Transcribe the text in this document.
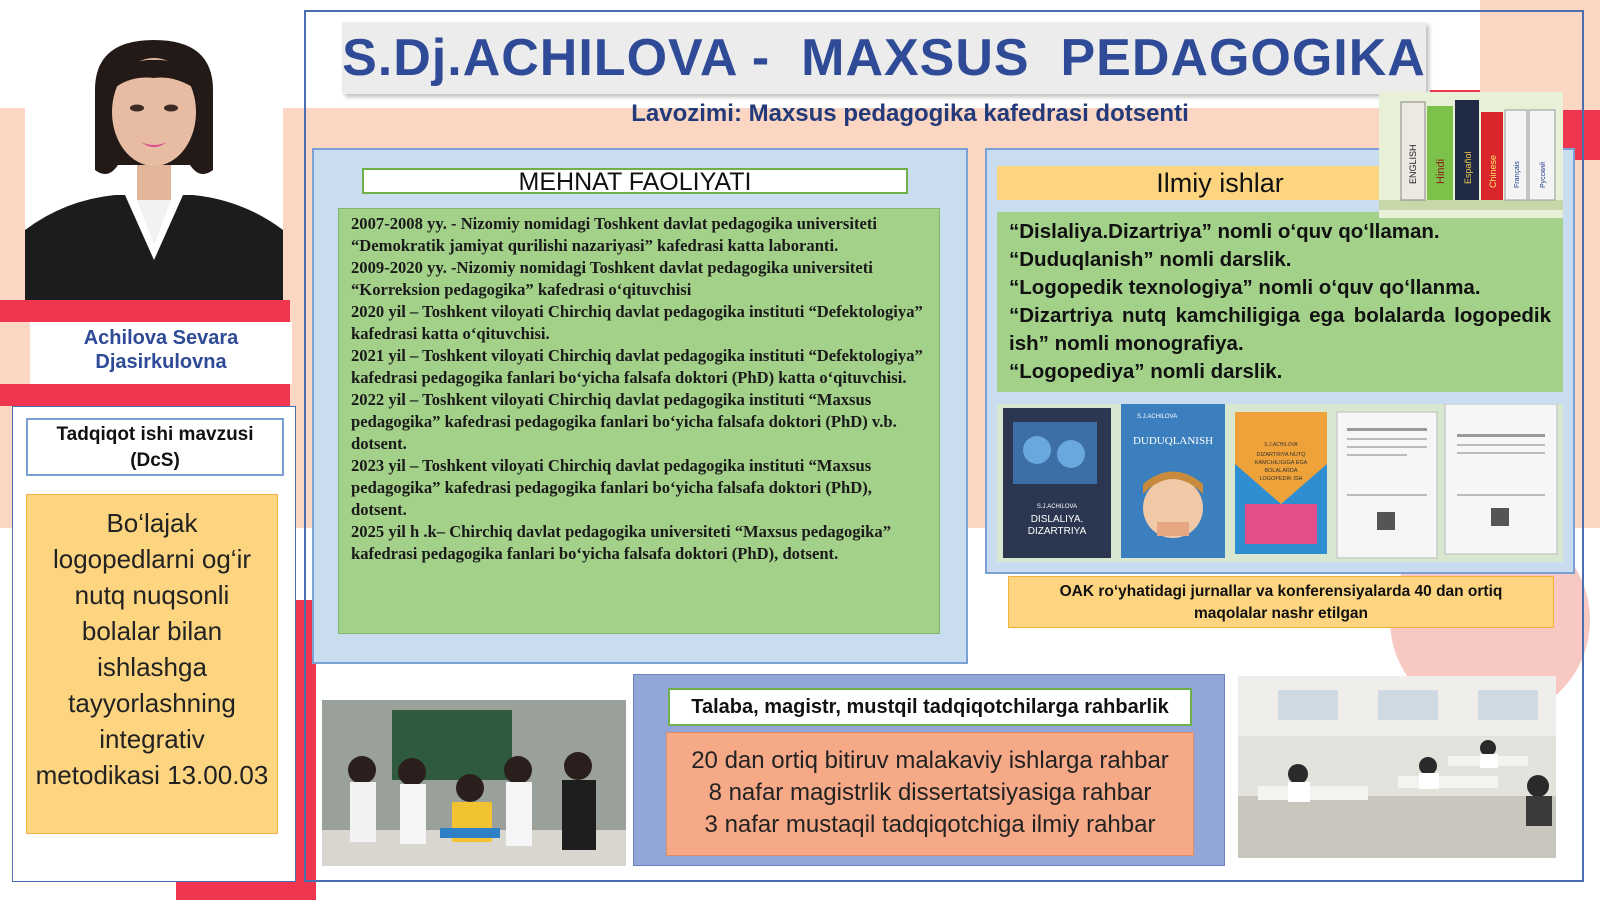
S.Dj.ACHILOVA -  MAXSUS  PEDAGOGIKA
Lavozimi: Maxsus pedagogika kafedrasi dotsenti
Achilova Sevara
Djasirkulovna
Tadqiqot ishi mavzusi
(DcS)
Bo‘lajak logopedlarni og‘ir nutq nuqsonli bolalar bilan ishlashga tayyorlashning integrativ metodikasi 13.00.03
MEHNAT FAOLIYATI

2007-2008 yy. - Nizomiy nomidagi Toshkent davlat pedagogika universiteti “Demokratik jamiyat qurilishi nazariyasi” kafedrasi katta laboranti.

2009-2020 yy. -Nizomiy nomidagi Toshkent davlat pedagogika universiteti “Korreksion pedagogika” kafedrasi o‘qituvchisi

2020 yil – Toshkent viloyati Chirchiq davlat pedagogika instituti “Defektologiya” kafedrasi katta o‘qituvchisi.

2021 yil – Toshkent viloyati Chirchiq davlat pedagogika instituti “Defektologiya” kafedrasi pedagogika fanlari bo‘yicha falsafa doktori (PhD) katta o‘qituvchisi.

2022 yil – Toshkent viloyati Chirchiq davlat pedagogika instituti “Maxsus pedagogika” kafedrasi pedagogika fanlari bo‘yicha falsafa doktori (PhD) v.b. dotsent.

2023 yil – Toshkent viloyati Chirchiq davlat pedagogika instituti “Maxsus pedagogika” kafedrasi pedagogika fanlari bo‘yicha falsafa doktori (PhD), dotsent.

2025 yil h .k– Chirchiq davlat pedagogika universiteti “Maxsus pedagogika” kafedrasi pedagogika fanlari bo‘yicha falsafa doktori (PhD), dotsent.

Ilmiy ishlar

“Dislaliya.Dizartriya” nomli o‘quv qo‘llaman.

“Duduqlanish” nomli darslik.

“Logopedik texnologiya” nomli o‘quv qo‘llanma.

“Dizartriya nutq kamchiligiga ega bolalarda logopedik ish” nomli monografiya.

“Logopediya” nomli darslik.

ENGLISH Hindi Español Chinese Français	Pусский
S.J.ACHILOVA
DISLALIYA.
DIZARTRIYA
S.J.ACHILOVA
DUDUQLANISH	S.J.ACHILOVA
DIZARTRIYA NUTQ
KAMCHILIGIGA EGA
BOLALARDA
LOGOPEDIK ISH
OAK ro‘yhatidagi jurnallar va konferensiyalarda 40 dan ortiq
maqolalar nashr etilgan
Talaba, magistr, mustqil tadqiqotchilarga rahbarlik
20 dan ortiq bitiruv malakaviy ishlarga rahbar
8 nafar magistrlik dissertatsiyasiga rahbar
3 nafar mustaqil tadqiqotchiga ilmiy rahbar
